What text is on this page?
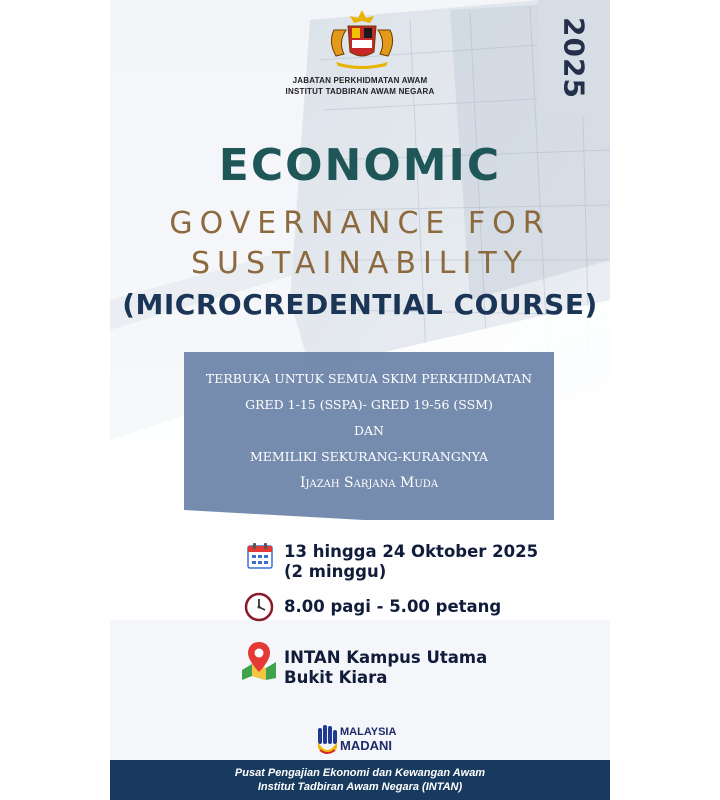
JABATAN PERKHIDMATAN AWAM
INSTITUT TADBIRAN AWAM NEGARA	2025
ECONOMIC
GOVERNANCE FOR
SUSTAINABILITY
(MICROCREDENTIAL COURSE)
TERBUKA UNTUK SEMUA SKIM PERKHIDMATAN
GRED 1-15 (SSPA)- GRED 19-56 (SSM)
DAN
MEMILIKI SEKURANG-KURANGNYA
Ijazah Sarjana Muda
13 hingga 24 Oktober 2025
(2 minggu)
8.00 pagi - 5.00 petang
INTAN Kampus Utama
Bukit Kiara
MALAYSIA
MADANI
Pusat Pengajian Ekonomi dan Kewangan Awam
Institut Tadbiran Awam Negara (INTAN)
